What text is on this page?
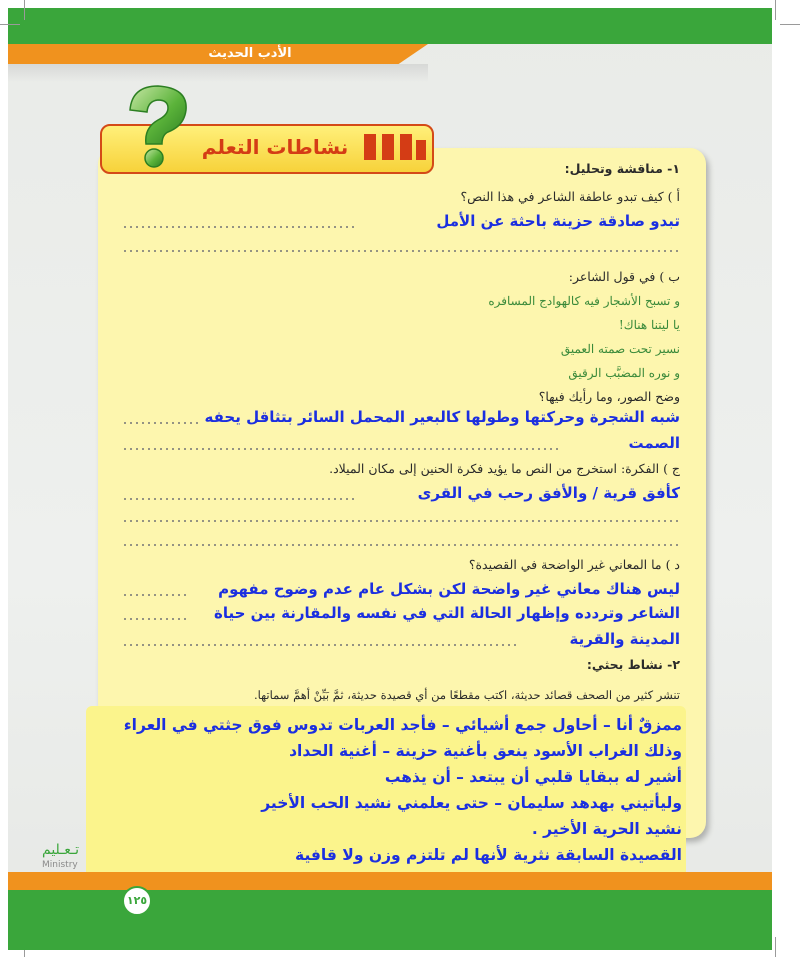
الأدب الحديث
نشاطات التعلم
١- مناقشة وتحليل:
أ ) كيف تبدو عاطفة الشاعر في هذا النص؟
تبدو صادقة حزينة باحثة عن الأمل
ب ) في قول الشاعر:
و تسبح الأشجار فيه كالهوادج المسافره
يا ليتنا هناك!
نسير تحت صمته العميق
و نوره المضبَّب الرقيق
وضح الصور، وما رأيك فيها؟
شبه الشجرة وحركتها وطولها كالبعير المحمل السائر بتثاقل يحفه
الصمت
ج ) الفكرة: استخرج من النص ما يؤيد فكرة الحنين إلى مكان الميلاد.
كأفق قرية / والأفق رحب في القرى
د ) ما المعاني غير الواضحة في القصيدة؟
ليس هناك معاني غير واضحة لكن بشكل عام عدم وضوح مفهوم
الشاعر وتردده وإظهار الحالة التي في نفسه والمقارنة بين حياة
المدينة والقرية
٢- نشاط بحثي:
تنشر كثير من الصحف قصائد حديثة، اكتب مقطعًا من أي قصيدة حديثة، ثمَّ بَيِّنْ أهمَّ سماتها.
ممزقٌ أنا – أحاول جمع أشيائي – فأجد العربات تدوس فوق جثتي في العراء
وذلك الغراب الأسود ينعق بأغنية حزينة – أغنية الحداد
أشير له ببقايا قلبي أن يبتعد – أن يذهب
وليأتيني بهدهد سليمان – حتى يعلمني نشيد الحب الأخير
نشيد الحرية الأخير .
القصيدة السابقة نثرية لأنها لم تلتزم وزن ولا قافية
تـعـليم
Ministry
١٢٥
